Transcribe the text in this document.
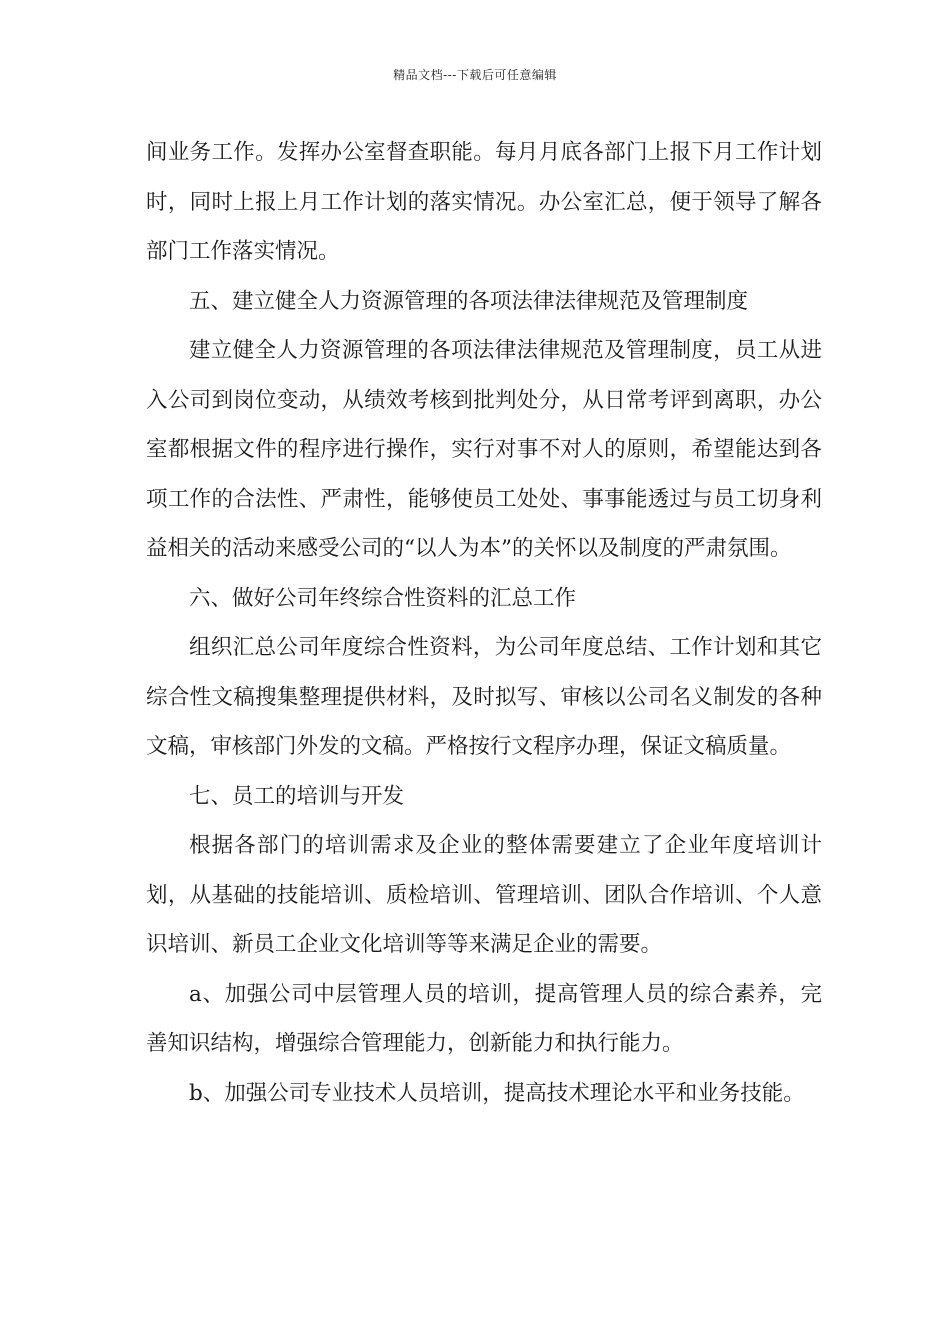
精品文档---下载后可任意编辑

间业务工作。发挥办公室督查职能。每月月底各部门上报下月工作计划时，同时上报上月工作计划的落实情况。办公室汇总，便于领导了解各部门工作落实情况。

五、建立健全人力资源管理的各项法律法律规范及管理制度

建立健全人力资源管理的各项法律法律规范及管理制度，员工从进入公司到岗位变动，从绩效考核到批判处分，从日常考评到离职，办公室都根据文件的程序进行操作，实行对事不对人的原则，希望能达到各项工作的合法性、严肃性，能够使员工处处、事事能透过与员工切身利益相关的活动来感受公司的“以人为本”的关怀以及制度的严肃氛围。

六、做好公司年终综合性资料的汇总工作

组织汇总公司年度综合性资料，为公司年度总结、工作计划和其它综合性文稿搜集整理提供材料，及时拟写、审核以公司名义制发的各种文稿，审核部门外发的文稿。严格按行文程序办理，保证文稿质量。

七、员工的培训与开发

根据各部门的培训需求及企业的整体需要建立了企业年度培训计划，从基础的技能培训、质检培训、管理培训、团队合作培训、个人意识培训、新员工企业文化培训等等来满足企业的需要。

a、加强公司中层管理人员的培训，提高管理人员的综合素养，完善知识结构，增强综合管理能力，创新能力和执行能力。

b、加强公司专业技术人员培训，提高技术理论水平和业务技能。
